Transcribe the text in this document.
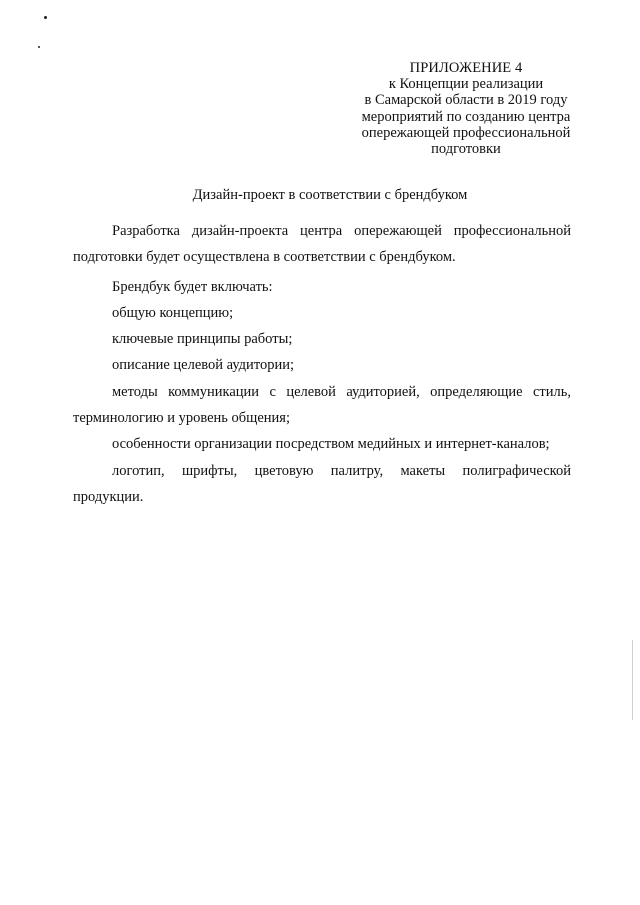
ПРИЛОЖЕНИЕ 4
к Концепции реализации
в Самарской области в 2019 году
мероприятий по созданию центра
опережающей профессиональной
подготовки
Дизайн-проект в соответствии с брендбуком

Разработка дизайн-проекта центра опережающей профессиональной подготовки будет осуществлена в соответствии с брендбуком.

Брендбук будет включать:

общую концепцию;

ключевые принципы работы;

описание целевой аудитории;

методы коммуникации с целевой аудиторией, определяющие стиль, терминологию и уровень общения;

особенности организации посредством медийных и интернет-каналов;

логотип, шрифты, цветовую палитру, макеты полиграфической продукции.
